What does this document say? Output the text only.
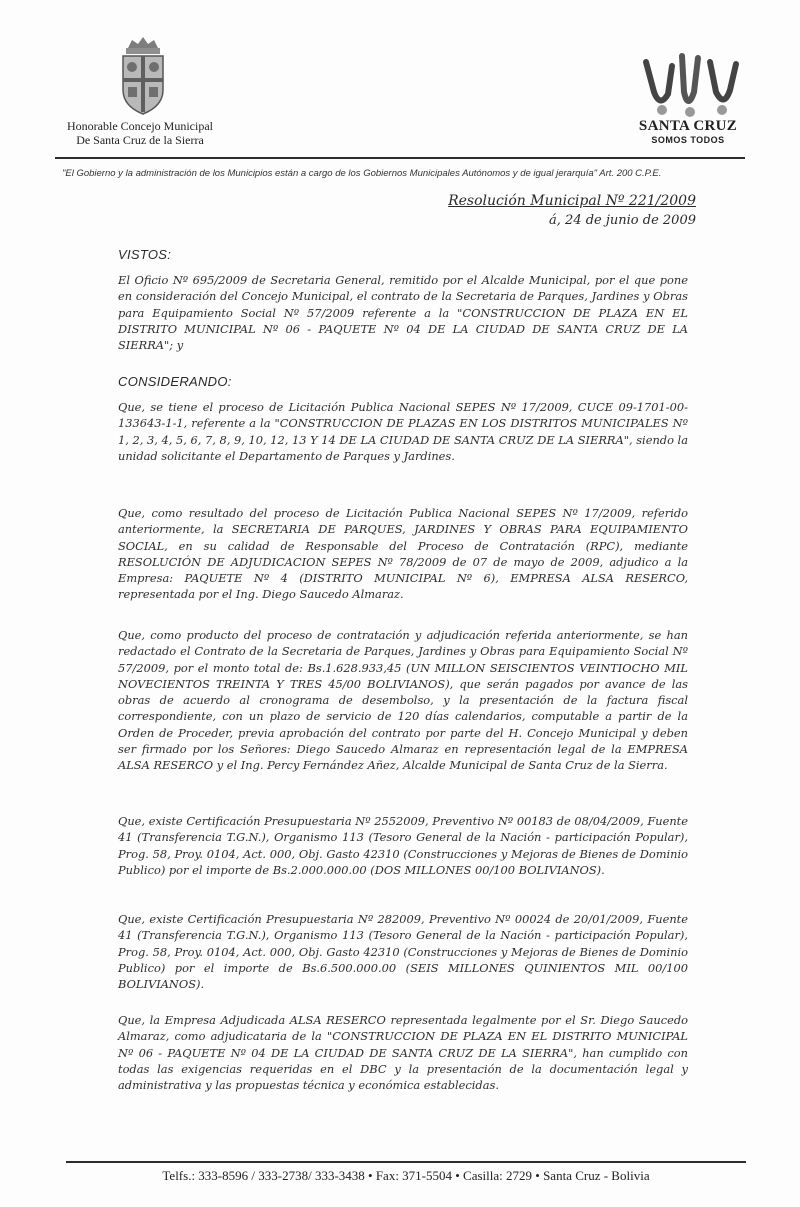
Honorable Concejo Municipal
De Santa Cruz de la Sierra
SANTA CRUZ
SOMOS TODOS
"El Gobierno y la administración de los Municipios están a cargo de los Gobiernos Municipales Autónomos y de igual jerarquía" Art. 200 C.P.E.
Resolución Municipal Nº 221/2009
á, 24 de junio de 2009
VISTOS:
El Oficio Nº 695/2009 de Secretaria General, remitido por el Alcalde Municipal, por el que pone en consideración del Concejo Municipal, el contrato de la Secretaria de Parques, Jardines y Obras para Equipamiento Social Nº 57/2009 referente a la "CONSTRUCCION DE PLAZA EN EL DISTRITO MUNICIPAL Nº 06 - PAQUETE Nº 04 DE LA CIUDAD DE SANTA CRUZ DE LA SIERRA"; y
CONSIDERANDO:
Que, se tiene el proceso de Licitación Publica Nacional SEPES Nº 17/2009, CUCE 09-1701-00-133643-1-1, referente a la "CONSTRUCCION DE PLAZAS EN LOS DISTRITOS MUNICIPALES Nº 1, 2, 3, 4, 5, 6, 7, 8, 9, 10, 12, 13 Y 14 DE LA CIUDAD DE SANTA CRUZ DE LA SIERRA", siendo la unidad solicitante el Departamento de Parques y Jardines.
Que, como resultado del proceso de Licitación Publica Nacional SEPES Nº 17/2009, referido anteriormente, la SECRETARIA DE PARQUES, JARDINES Y OBRAS PARA EQUIPAMIENTO SOCIAL, en su calidad de Responsable del Proceso de Contratación (RPC), mediante RESOLUCIÓN DE ADJUDICACION SEPES Nº 78/2009 de 07 de mayo de 2009, adjudico a la Empresa: PAQUETE Nº 4 (DISTRITO MUNICIPAL Nº 6), EMPRESA ALSA RESERCO, representada por el Ing. Diego Saucedo Almaraz.
Que, como producto del proceso de contratación y adjudicación referida anteriormente, se han redactado el Contrato de la Secretaria de Parques, Jardines y Obras para Equipamiento Social Nº 57/2009, por el monto total de: Bs.1.628.933,45 (UN MILLON SEISCIENTOS VEINTIOCHO MIL NOVECIENTOS TREINTA Y TRES 45/00 BOLIVIANOS), que serán pagados por avance de las obras de acuerdo al cronograma de desembolso, y la presentación de la factura fiscal correspondiente, con un plazo de servicio de 120 días calendarios, computable a partir de la Orden de Proceder, previa aprobación del contrato por parte del H. Concejo Municipal y deben ser firmado por los Señores: Diego Saucedo Almaraz en representación legal de la EMPRESA ALSA RESERCO y el Ing. Percy Fernández Añez, Alcalde Municipal de Santa Cruz de la Sierra.
Que, existe Certificación Presupuestaria Nº 2552009, Preventivo Nº 00183 de 08/04/2009, Fuente 41 (Transferencia T.G.N.), Organismo 113 (Tesoro General de la Nación - participación Popular), Prog. 58, Proy. 0104, Act. 000, Obj. Gasto 42310 (Construcciones y Mejoras de Bienes de Dominio Publico) por el importe de Bs.2.000.000.00 (DOS MILLONES 00/100 BOLIVIANOS).
Que, existe Certificación Presupuestaria Nº 282009, Preventivo Nº 00024 de 20/01/2009, Fuente 41 (Transferencia T.G.N.), Organismo 113 (Tesoro General de la Nación - participación Popular), Prog. 58, Proy. 0104, Act. 000, Obj. Gasto 42310 (Construcciones y Mejoras de Bienes de Dominio Publico) por el importe de Bs.6.500.000.00 (SEIS MILLONES QUINIENTOS MIL 00/100 BOLIVIANOS).
Que, la Empresa Adjudicada ALSA RESERCO representada legalmente por el Sr. Diego Saucedo Almaraz, como adjudicataria de la "CONSTRUCCION DE PLAZA EN EL DISTRITO MUNICIPAL Nº 06 - PAQUETE Nº 04 DE LA CIUDAD DE SANTA CRUZ DE LA SIERRA", han cumplido con todas las exigencias requeridas en el DBC y la presentación de la documentación legal y administrativa y las propuestas técnica y económica establecidas.
Telfs.: 333-8596 / 333-2738/ 333-3438 • Fax: 371-5504 • Casilla: 2729 • Santa Cruz - Bolivia
